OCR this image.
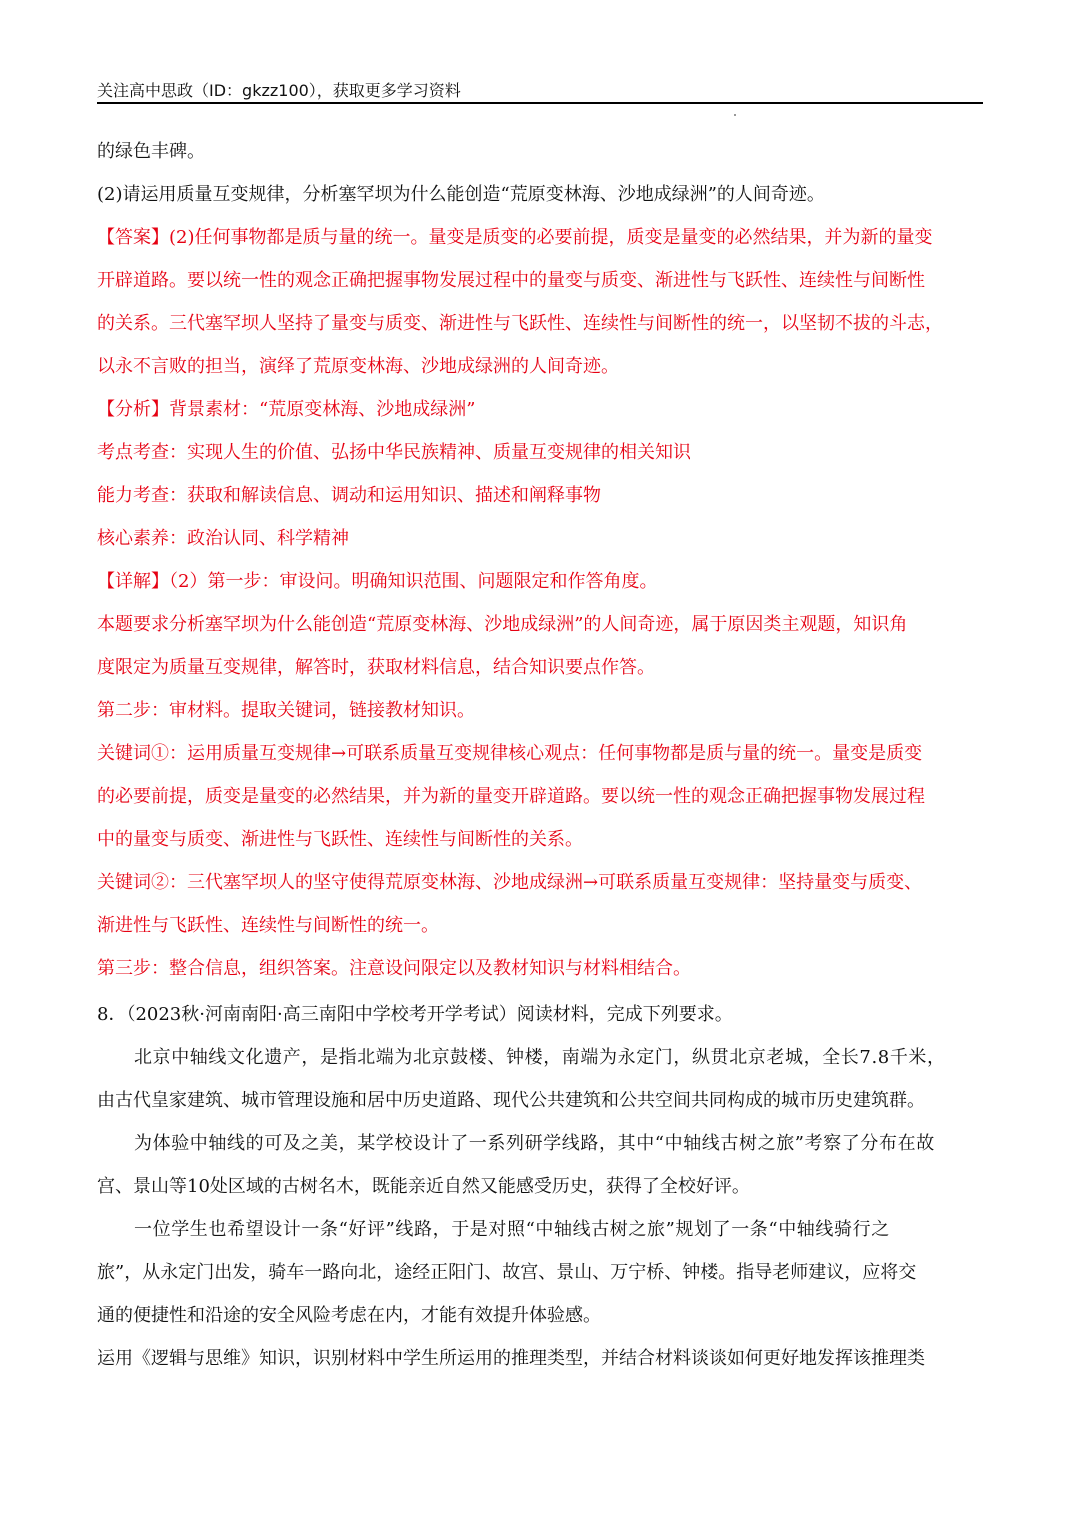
关注高中思政（ID：gkzz100），获取更多学习资料
的绿色丰碑。
(2)请运用质量互变规律，分析塞罕坝为什么能创造“荒原变林海、沙地成绿洲”的人间奇迹。
【答案】(2)任何事物都是质与量的统一。量变是质变的必要前提，质变是量变的必然结果，并为新的量变
开辟道路。要以统一性的观念正确把握事物发展过程中的量变与质变、渐进性与飞跃性、连续性与间断性
的关系。三代塞罕坝人坚持了量变与质变、渐进性与飞跃性、连续性与间断性的统一，以坚韧不拔的斗志，
以永不言败的担当，演绎了荒原变林海、沙地成绿洲的人间奇迹。
【分析】背景素材：“荒原变林海、沙地成绿洲”
考点考查：实现人生的价值、弘扬中华民族精神、质量互变规律的相关知识
能力考查：获取和解读信息、调动和运用知识、描述和阐释事物
核心素养：政治认同、科学精神
【详解】（2）第一步：审设问。明确知识范围、问题限定和作答角度。
本题要求分析塞罕坝为什么能创造“荒原变林海、沙地成绿洲”的人间奇迹，属于原因类主观题，知识角
度限定为质量互变规律，解答时，获取材料信息，结合知识要点作答。
第二步：审材料。提取关键词，链接教材知识。
关键词①：运用质量互变规律→可联系质量互变规律核心观点：任何事物都是质与量的统一。量变是质变
的必要前提，质变是量变的必然结果，并为新的量变开辟道路。要以统一性的观念正确把握事物发展过程
中的量变与质变、渐进性与飞跃性、连续性与间断性的关系。
关键词②：三代塞罕坝人的坚守使得荒原变林海、沙地成绿洲→可联系质量互变规律：坚持量变与质变、
渐进性与飞跃性、连续性与间断性的统一。
第三步：整合信息，组织答案。注意设问限定以及教材知识与材料相结合。
8．（2023秋·河南南阳·高三南阳中学校考开学考试）阅读材料，完成下列要求。
北京中轴线文化遗产，是指北端为北京鼓楼、钟楼，南端为永定门，纵贯北京老城，全长7.8千米，
由古代皇家建筑、城市管理设施和居中历史道路、现代公共建筑和公共空间共同构成的城市历史建筑群。
为体验中轴线的可及之美，某学校设计了一系列研学线路，其中“中轴线古树之旅”考察了分布在故
宫、景山等10处区域的古树名木，既能亲近自然又能感受历史，获得了全校好评。
一位学生也希望设计一条“好评”线路，于是对照“中轴线古树之旅”规划了一条“中轴线骑行之
旅”，从永定门出发，骑车一路向北，途经正阳门、故宫、景山、万宁桥、钟楼。指导老师建议，应将交
通的便捷性和沿途的安全风险考虑在内，才能有效提升体验感。
运用《逻辑与思维》知识，识别材料中学生所运用的推理类型，并结合材料谈谈如何更好地发挥该推理类
